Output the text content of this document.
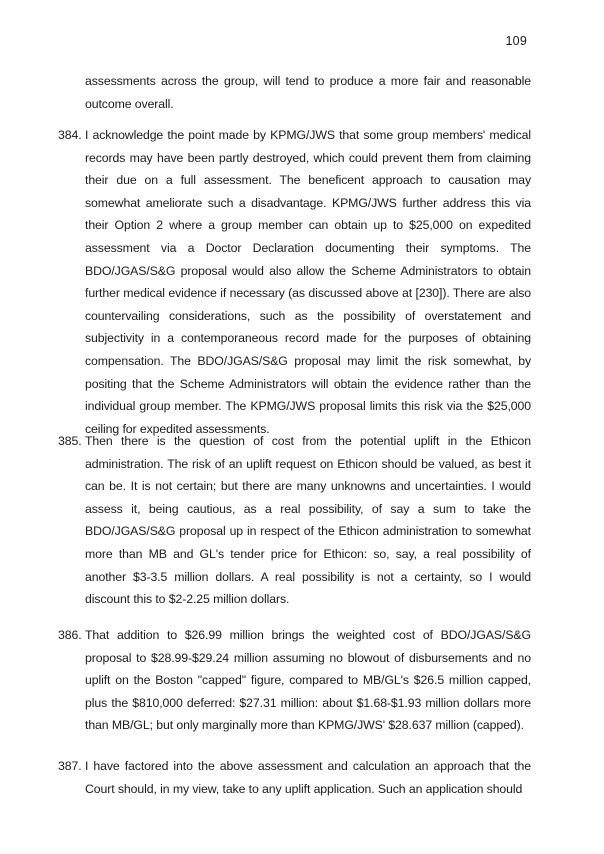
109
assessments across the group, will tend to produce a more fair and reasonable outcome overall.
384. I acknowledge the point made by KPMG/JWS that some group members' medical records may have been partly destroyed, which could prevent them from claiming their due on a full assessment. The beneficent approach to causation may somewhat ameliorate such a disadvantage. KPMG/JWS further address this via their Option 2 where a group member can obtain up to $25,000 on expedited assessment via a Doctor Declaration documenting their symptoms. The BDO/JGAS/S&G proposal would also allow the Scheme Administrators to obtain further medical evidence if necessary (as discussed above at [230]). There are also countervailing considerations, such as the possibility of overstatement and subjectivity in a contemporaneous record made for the purposes of obtaining compensation. The BDO/JGAS/S&G proposal may limit the risk somewhat, by positing that the Scheme Administrators will obtain the evidence rather than the individual group member. The KPMG/JWS proposal limits this risk via the $25,000 ceiling for expedited assessments.
385. Then there is the question of cost from the potential uplift in the Ethicon administration. The risk of an uplift request on Ethicon should be valued, as best it can be. It is not certain; but there are many unknowns and uncertainties. I would assess it, being cautious, as a real possibility, of say a sum to take the BDO/JGAS/S&G proposal up in respect of the Ethicon administration to somewhat more than MB and GL's tender price for Ethicon: so, say, a real possibility of another $3-3.5 million dollars. A real possibility is not a certainty, so I would discount this to $2-2.25 million dollars.
386. That addition to $26.99 million brings the weighted cost of BDO/JGAS/S&G proposal to $28.99-$29.24 million assuming no blowout of disbursements and no uplift on the Boston "capped" figure, compared to MB/GL's $26.5 million capped, plus the $810,000 deferred: $27.31 million: about $1.68-$1.93 million dollars more than MB/GL; but only marginally more than KPMG/JWS' $28.637 million (capped).
387. I have factored into the above assessment and calculation an approach that the Court should, in my view, take to any uplift application. Such an application should
